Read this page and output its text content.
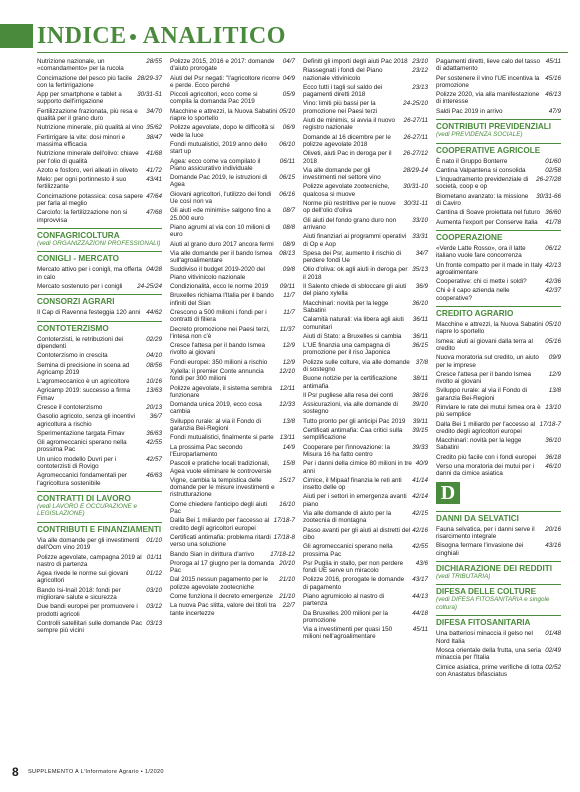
INDICE ANALITICO
28/55
Nutrizione nazionale, un «comandamento» per la rucola
28/29-37
Concimazione del pesco più facile con la fertirrigazione
30/31-51
App per smartphone e tablet a supporto dell'irrigazione
34/70
Fertilizzazione frazionata, più resa e qualità per il grano duro
35/62
Nutrizione minerale, più qualità al vino
38/47
Fertirrigare la vite: dosi minori e massima efficacia
41/68
Nutrizione minerale dell'olivo: chiave per l'olio di qualità
41/72
Azoto e fosforo, veri alleati in oliveto
43/41
Melo: per ogni portinnesto il suo fertilizzante
47/64
Concimazione potassica: cosa sapere per farla al meglio
47/68
Carciofo: la fertilizzazione non si improvvisa
CONFAGRICOLTURA
(vedi ORGANIZZAZIONI PROFESSIONALI)
CONIGLI - MERCATO
04/28
Mercato attivo per i conigli, ma offerta in calo
24-25/24
Mercato sostenuto per i conigli
CONSORZI AGRARI
44/62
Il Cap di Ravenna festeggia 120 anni
CONTOTERZISMO
02/29
Contoterzisti, le retribuzioni dei dipendenti
04/10
Contoterzismo in crescita
08/56
Semina di precisione in scena ad Agricamp 2019
10/16
L'agromeccanico è un agricoltore
13/63
Agricamp 2019: successo a firma Fimav
20/13
Cresce il contoterzismo
36/7
Gasolio agricolo, senza gli incentivi agricoltura a rischio
36/63
Sperimentazione targata Fimav
42/55
Gli agromeccanici sperano nella prossima Pac
42/57
Un unico modello Duvri per i contoterzisti di Rovigo
46/63
Agromeccanici fondamentali per l'agricoltura sostenibile
CONTRATTI DI LAVORO
(vedi LAVORO E OCCUPAZIONE e LEGISLAZIONE)
CONTRIBUTI E FINANZIAMENTI
01/10
Via alle domande per gli investimenti dell'Ocm vino 2019
01/11
Polizze agevolate, campagna 2019 al nastro di partenza
01/12
Agea rivede le norme sui giovani agricoltori
03/10
Bando Isi-Inail 2018: fondi per migliorare salute e sicurezza
03/12
Due bandi europei per promuovere i prodotti agricoli
03/13
Controlli satellitari sulle domande Pac sempre più vicini
04/7
Polizze 2015, 2016 e 2017: domande d'aiuto prorogate
04/9
Aiuti del Psr negati: "l'agricoltore ricorre e perde. Ecco perché
05/9
Piccoli agricoltori, ecco come si compila la domanda Pac 2019
05/10
Macchine e attrezzi, la Nuova Sabatini riapre lo sportello
06/9
Polizze agevolate, dopo le difficoltà si vede la luce
06/10
Fondi mutualistici, 2019 anno dello start up
06/11
Agea: ecco come va compilato il Piano assicurativo individuale
06/15
Domande Pac 2019, le istruzioni di Agea
06/16
Giovani agricoltori, l'utilizzo dei fondi Ue così non va
08/7
Gli aiuti «de minimis» salgono fino a 25.000 euro
08/8
Piano agrumi al via con 10 milioni di euro
08/9
Aiuti al grano duro 2017 ancora fermi
08/13
Via alle domande per il bando Ismea sull'agroalimentare
09/8
Suddiviso il budget 2019-2020 del Piano vitivinicolo nazionale
09/11
Condizionalità, ecco le norme 2019
11/7
Bruxelles richiama l'Italia per il bando infiniti del Sian
11/7
Crescono a 500 milioni i fondi per i contratti di filiera
11/37
Decreto promozione nei Paesi terzi, l'intesa non c'è
12/9
Cresce l'attesa per il bando Ismea rivolto ai giovani
12/9
Fondi europei: 350 milioni a rischio
12/10
Xylella: il premier Conte annuncia fondi per 300 milioni
12/11
Polizze agevolate, il sistema sembra funzionare
12/33
Domanda unica 2019, ecco cosa cambia
13/8
Sviluppo rurale: al via il Fondo di garanzia Bei-Regioni
13/11
Fondi mutualistici, finalmente si parte
14/9
La prossima Pac secondo l'Europarlamento
15/8
Pascoli e pratiche locali tradizionali, Agea vuole eliminare le controversie
15/17
Vigne, cambia la tempistica delle domande per le misure investimenti e ristrutturazione
16/10
Come chiedere l'anticipo degli aiuti Pac
17/18-7
Dalla Bei 1 miliardo per l'accesso al credito degli agricoltori europei
17/18-8
Certificati antimafia: problema ritardi verso una soluzione
17/18-12
Bando Sian in dirittura d'arrivo
20/10
Proroga al 17 giugno per la domanda Pac
21/10
Dal 2015 nessun pagamento per le polizze agevolate zootecniche
21/10
Come funziona il decreto emergenze
22/7
La nuova Pac slitta, valore dei titoli tra tante incertezze
23/10
Definiti gli importi degli aiuti Pac 2018
23/12
Riassegnati i fondi del Piano nazionale vitivinicolo
23/13
Ecco tutti i tagli sul saldo dei pagamenti diretti 2018
24-25/10
Vino: limiti più bassi per la promozione nei Paesi terzi
26-27/11
Aiuti de minimis, si avvia il nuovo registro nazionale
26-27/11
Domande al 16 dicembre per le polizze agevolate 2018
26-27/12
Oliveti, aiuti Pac in deroga per il 2018
28/29-14
Via alle domande per gli investimenti nel settore vino
30/31-10
Polizze agevolate zootecniche, qualcosa si muove
30/31-11
Norme più restrittive per le nuove op dell'olio d'oliva
33/10
Gli aiuti del fondo grano duro non arrivano
33/31
Aiuti finanziari ai programmi operativi di Op e Aop
34/7
Spesa dei Psr, aumento il rischio di perdere fondi Ue
35/13
Olio d'oliva: ok agli aiuti in deroga per il 2018
36/9
Il Salento chiede di sbloccare gli aiuti del piano xylella
36/10
Macchinari: novità per la legge Sabatini
36/11
Calamità naturali: via libera agli aiuti comunitari
36/11
Aiuti di Stato: a Bruxelles si cambia
36/15
L'UE finanzia una campagna di promozione per il riso Japonica
37/8
Polizze sulle colture, via alle domande di sostegno
38/11
Buone notizie per la certificazione antimafia
38/16
Il Psr pugliese alla resa dei conti
39/10
Assicurazioni, via alle domande di sostegno
39/11
Tutto pronto per gli anticipi Pac 2019
39/15
Certificati antimafia: Caa critici sulla semplificazione
39/33
Cooperare per l'innovazione: la Misura 16 ha fatto centro
40/9
Per i danni della cimice 80 milioni in tre anni
41/14
Cimice, il Mipaaf finanzia le reti anti insetto delle op
42/14
Aiuti per i settori in emergenza avanti piano
42/15
Via alle domande di aiuto per la zootecnia di montagna
42/16
Passo avanti per gli aiuti al distretti del cibo
42/55
Gli agromeccanici sperano nella prossima Pac
43/6
Psr Puglia in stallo, per non perdere fondi UE serve un miracolo
43/17
Polizze 2016, prorogate le domande di pagamento
44/13
Piano agrumicolo al nastro di partenza
44/18
Da Bruxelles 200 milioni per la promozione
45/11
Via a investimenti per quasi 150 milioni nell'agroalimentare
45/11
Pagamenti diretti, lieve calo del tasso di adattamento
45/16
Per sostenere il vino l'UE incentiva la promozione
46/13
Polizze 2020, via alla manifestazione di interesse
47/9
Saldi Pac 2019 in arrivo
CONTRIBUTI PREVIDENZIALI
(vedi PREVIDENZA SOCIALE)
COOPERATIVE AGRICOLE
01/60
È nato il Gruppo Bonterre
02/58
Cantina Valpantena si consolida
26-27/28
L'inquadramento previdenziale di società, coop e op
30/31-66
Biometano avanzato: la missione di Caviro
36/60
Cantina di Soave proiettata nel futuro
41/78
Aumenta l'export per Conserve Italia
COOPERAZIONE
06/12
«Verde Latte Rosso», ora il latte italiano vuole fare concorrenza
42/13
Un fronte compatto per il made in Italy agroalimentare
42/36
Cooperative: chi ci mette i soldi?
42/37
Chi è il capo azienda nelle cooperative?
CREDITO AGRARIO
05/10
Macchine e attrezzi, la Nuova Sabatini riapre lo sportello
05/16
Ismea: aiuti ai giovani dalla terra al credito
09/9
Nuova moratoria sul credito, un aiuto per le imprese
12/9
Cresce l'attesa per il bando Ismea rivolto ai giovani
13/8
Sviluppo rurale: al via il Fondo di garanzia Bei-Regioni
13/10
Rinviare le rate dei mutui Ismea ora è più semplice
17/18-7
Dalla Bei 1 miliardo per l'accesso al credito degli agricoltori europei
36/10
Macchinari: novità per la legge Sabatini
36/18
Credito più facile con i fondi europei
46/10
Verso una moratoria dei mutui per i danni da cimice asiatica
D
DANNI DA SELVATICI
20/16
Fauna selvatica, per i danni serve il risarcimento integrale
43/16
Bisogna fermare l'invasione dei cinghiali
DICHIARAZIONE DEI REDDITI
(vedi TRIBUTARIA)
DIFESA DELLE COLTURE
(vedi DIFESA FITOSANITARIA e singole coltura)
DIFESA FITOSANITARIA
01/48
Una batteriosi minaccia il gelso nel Nord Italia
02/49
Mosca orientale della frutta, una seria minaccia per l'Italia
02/52
Cimice asiatica, prime verifiche di lotta con Anastatus bifasciatus
8 SUPPLEMENTO A L'Informatore Agrario • 1/2020
